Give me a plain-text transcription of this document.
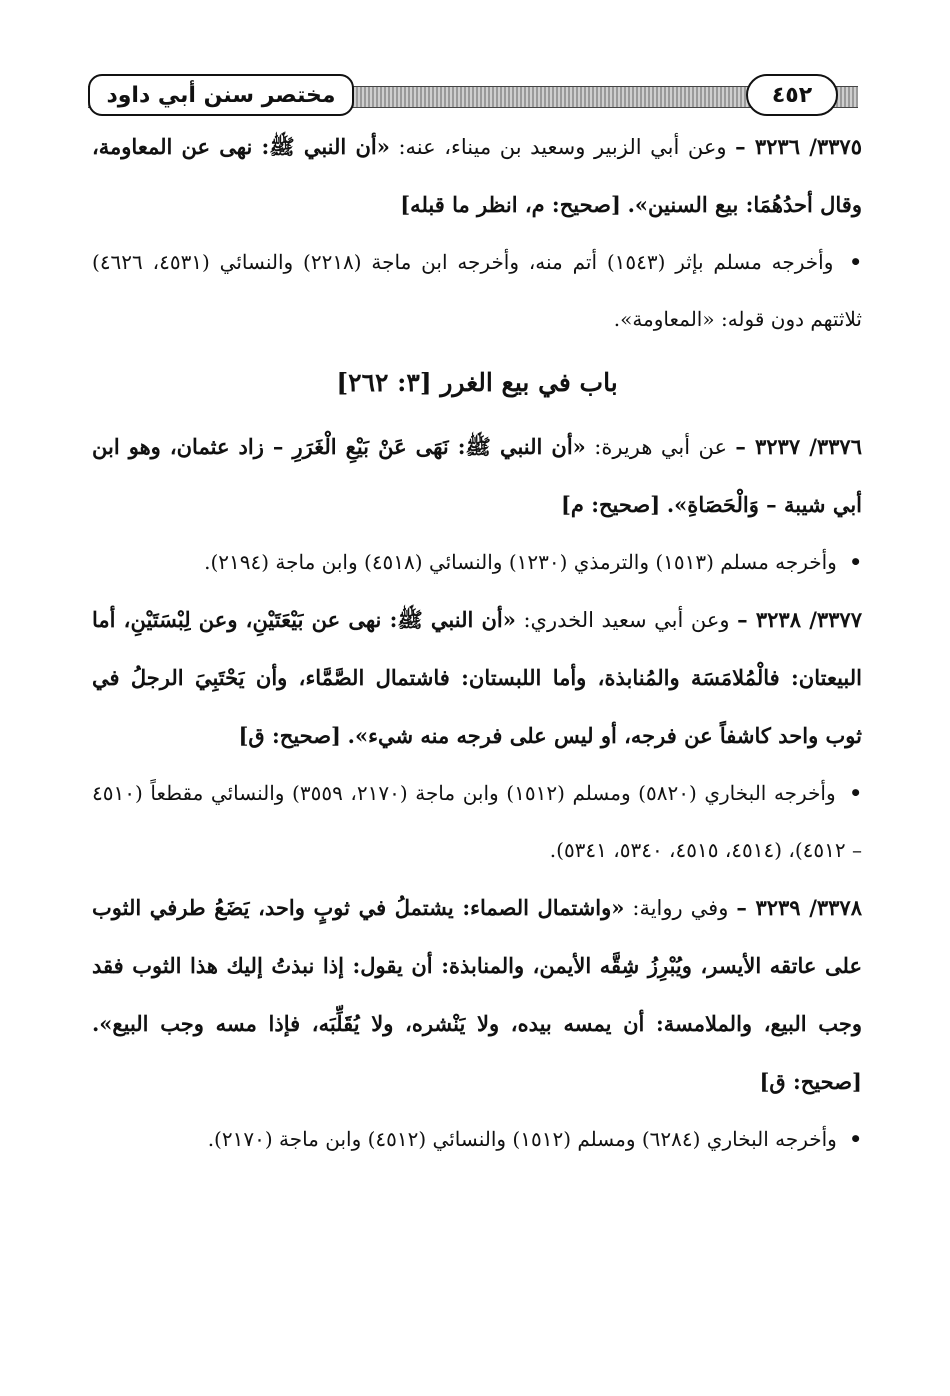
مختصر سنن أبي داود	٤٥٢

٣٣٧٥/ ٣٢٣٦ – وعن أبي الزبير وسعيد بن ميناء، عنه: «أن النبي ﷺ: نهى عن المعاومة، وقال أحدُهُمَا: بيع السنين». [صحيح: م، انظر ما قبله]

• وأخرجه مسلم بإثر (١٥٤٣) أتم منه، وأخرجه ابن ماجة (٢٢١٨) والنسائي (٤٥٣١، ٤٦٢٦) ثلاثتهم دون قوله: «المعاومة».

باب في بيع الغرر [٣: ٢٦٢]

٣٣٧٦/ ٣٢٣٧ – عن أبي هريرة: «أن النبي ﷺ: نَهَى عَنْ بَيْعِ الْغَرَرِ – زاد عثمان، وهو ابن أبي شيبة – وَالْحَصَاةِ». [صحيح: م]

• وأخرجه مسلم (١٥١٣) والترمذي (١٢٣٠) والنسائي (٤٥١٨) وابن ماجة (٢١٩٤).

٣٣٧٧/ ٣٢٣٨ – وعن أبي سعيد الخدري: «أن النبي ﷺ: نهى عن بَيْعَتَيْنِ، وعن لِبْسَتَيْنِ، أما البيعتان: فالْمُلامَسَة والمُنابذة، وأما اللبستان: فاشتمال الصَّمَّاء، وأن يَحْتَبِيَ الرجلُ في ثوب واحد كاشفاً عن فرجه، أو ليس على فرجه منه شيء». [صحيح: ق]

• وأخرجه البخاري (٥٨٢٠) ومسلم (١٥١٢) وابن ماجة (٢١٧٠، ٣٥٥٩) والنسائي مقطعاً (٤٥١٠ – ٤٥١٢)، (٤٥١٤، ٤٥١٥، ٥٣٤٠، ٥٣٤١).

٣٣٧٨/ ٣٢٣٩ – وفي رواية: «واشتمال الصماء: يشتملُ في ثوبٍ واحد، يَضَعُ طرفي الثوب على عاتقه الأيسر، ويُبْرِزُ شِقَّه الأيمن، والمنابذة: أن يقول: إذا نبذتُ إليك هذا الثوب فقد وجب البيع، والملامسة: أن يمسه بيده، ولا يَنْشره، ولا يُقَلِّبَه، فإذا مسه وجب البيع». [صحيح: ق]

• وأخرجه البخاري (٦٢٨٤) ومسلم (١٥١٢) والنسائي (٤٥١٢) وابن ماجة (٢١٧٠).
